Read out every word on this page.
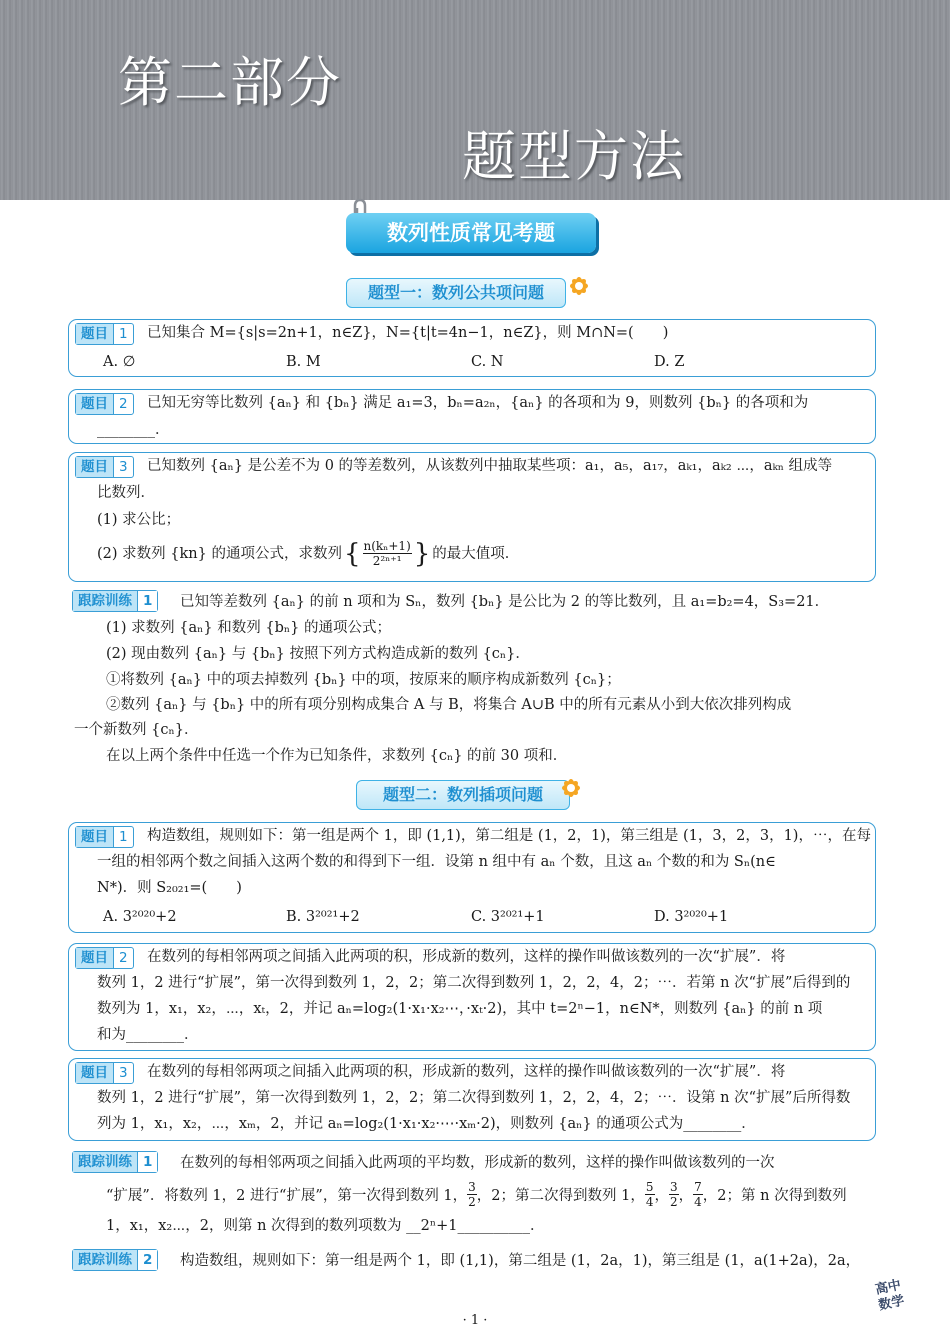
第二部分
题型方法
数列性质常见考题
题型一：数列公共项问题
题目 1	已知集合 M={s|s=2n+1，n∈Z}，N={t|t=4n−1，n∈Z}，则 M∩N=(　　)
A. ∅	B. M	C. N	D. Z
题目 2	已知无穷等比数列 {aₙ} 和 {bₙ} 满足 a₁=3，bₙ=a₂ₙ，{aₙ} 的各项和为 9，则数列 {bₙ} 的各项和为
________．
题目 3	已知数列 {aₙ} 是公差不为 0 的等差数列，从该数列中抽取某些项：a₁，a₅，a₁₇，aₖ₁，aₖ₂ ⋯，aₖₙ 组成等
比数列．
(1) 求公比；
(2) 求数列 {kn} 的通项公式，求数列 { $\frac{\text{n(kₙ+1)}}{\text{2²ⁿ⁺¹}}$ } 的最大值项．
跟踪训练 1	已知等差数列 {aₙ} 的前 n 项和为 Sₙ，数列 {bₙ} 是公比为 2 的等比数列，且 a₁=b₂=4，S₃=21．
(1) 求数列 {aₙ} 和数列 {bₙ} 的通项公式；
(2) 现由数列 {aₙ} 与 {bₙ} 按照下列方式构造成新的数列 {cₙ}．
①将数列 {aₙ} 中的项去掉数列 {bₙ} 中的项，按原来的顺序构成新数列 {cₙ}；
②数列 {aₙ} 与 {bₙ} 中的所有项分别构成集合 A 与 B，将集合 A∪B 中的所有元素从小到大依次排列构成
一个新数列 {cₙ}．
在以上两个条件中任选一个作为已知条件，求数列 {cₙ} 的前 30 项和．
题型二：数列插项问题
题目 1	构造数组，规则如下：第一组是两个 1，即 (1,1)，第二组是 (1，2，1)，第三组是 (1，3，2，3，1)，⋯，在每
一组的相邻两个数之间插入这两个数的和得到下一组．设第 n 组中有 aₙ 个数，且这 aₙ 个数的和为 Sₙ(n∈
N*)．则 S₂₀₂₁=(　　)
A. 3²⁰²⁰+2	B. 3²⁰²¹+2	C. 3²⁰²¹+1	D. 3²⁰²⁰+1
题目 2	在数列的每相邻两项之间插入此两项的积，形成新的数列，这样的操作叫做该数列的一次“扩展”．将
数列 1，2 进行“扩展”，第一次得到数列 1，2，2；第二次得到数列 1，2，2，4，2；⋯．若第 n 次“扩展”后得到的
数列为 1，x₁，x₂，⋯，xₜ，2，并记 aₙ=log₂(1·x₁·x₂⋯，·xₜ·2)，其中 t=2ⁿ−1，n∈N*，则数列 {aₙ} 的前 n 项
和为________．
题目 3	在数列的每相邻两项之间插入此两项的积，形成新的数列，这样的操作叫做该数列的一次“扩展”．将
数列 1，2 进行“扩展”，第一次得到数列 1，2，2；第二次得到数列 1，2，2，4，2；⋯．设第 n 次“扩展”后所得数
列为 1，x₁，x₂，⋯，xₘ，2，并记 aₙ=log₂(1·x₁·x₂·⋯·xₘ·2)，则数列 {aₙ} 的通项公式为________．
跟踪训练 1	在数列的每相邻两项之间插入此两项的平均数，形成新的数列，这样的操作叫做该数列的一次
“扩展”．将数列 1，2 进行“扩展”，第一次得到数列 1， $\frac{3}{2}$ ，2；第二次得到数列 1， $\frac{5}{4}$ ， $\frac{3}{2}$ ， $\frac{7}{4}$ ，2；第 n 次得到数列
1，x₁，x₂⋯，2，则第 n 次得到的数列项数为 __2ⁿ+1__________．
跟踪训练 2	构造数组，规则如下：第一组是两个 1，即 (1,1)，第二组是 (1，2a，1)，第三组是 (1，a(1+2a)，2a，
· 1 ·
高中
数学
